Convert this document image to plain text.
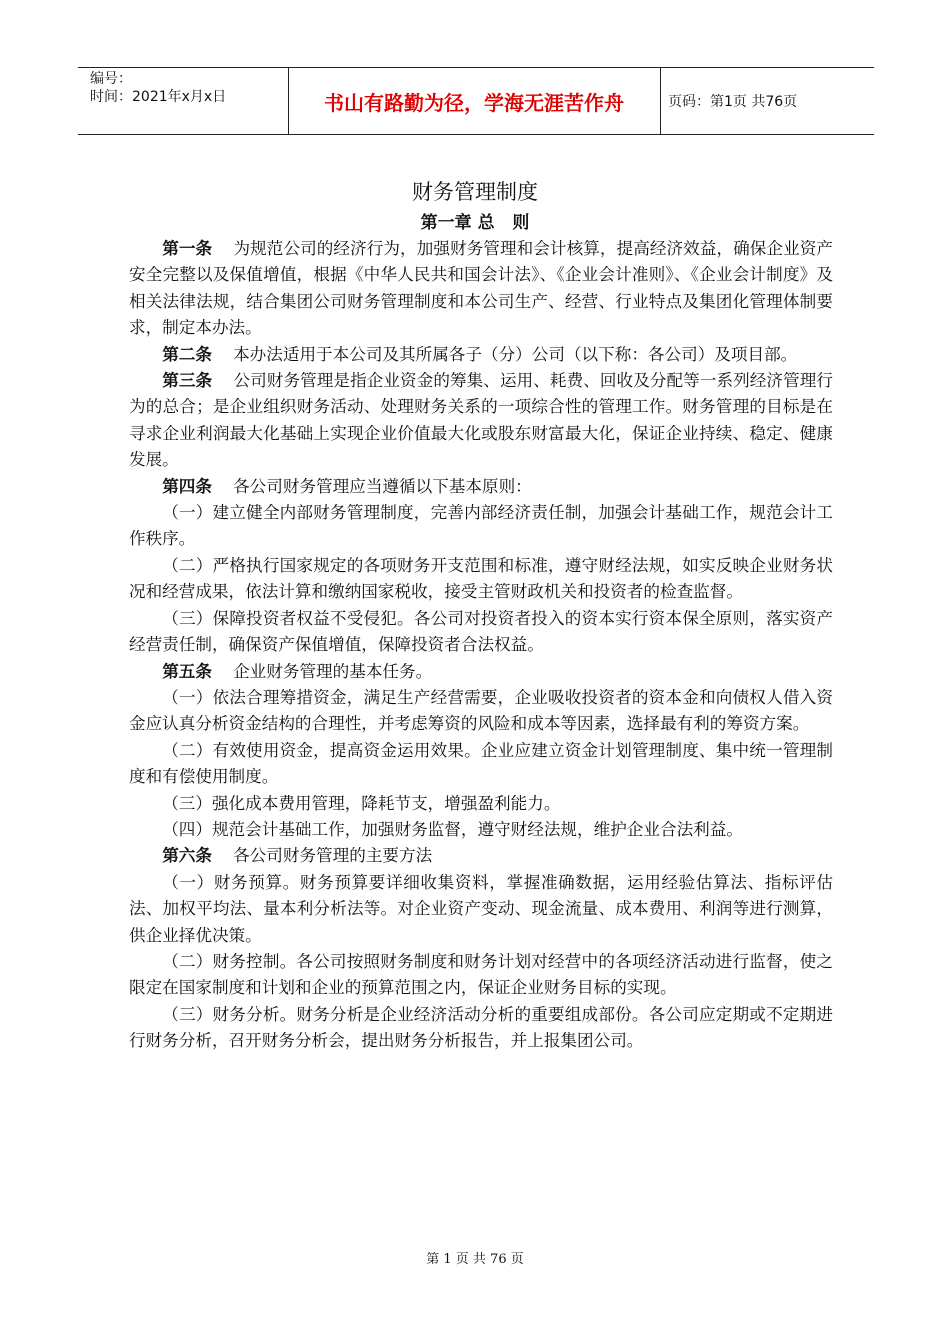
编号：
时间：2021年x月x日	书山有路勤为径，学海无涯苦作舟	页码：第1页 共76页
财务管理制度
第一章 总   则

第一条    为规范公司的经济行为，加强财务管理和会计核算，提高经济效益，确保企业资产安全完整以及保值增值，根据《中华人民共和国会计法》、《企业会计准则》、《企业会计制度》及相关法律法规，结合集团公司财务管理制度和本公司生产、经营、行业特点及集团化管理体制要求，制定本办法。

第二条    本办法适用于本公司及其所属各子（分）公司（以下称：各公司）及项目部。

第三条    公司财务管理是指企业资金的筹集、运用、耗费、回收及分配等一系列经济管理行为的总合；是企业组织财务活动、处理财务关系的一项综合性的管理工作。财务管理的目标是在寻求企业利润最大化基础上实现企业价值最大化或股东财富最大化，保证企业持续、稳定、健康发展。

第四条    各公司财务管理应当遵循以下基本原则：

（一）建立健全内部财务管理制度，完善内部经济责任制，加强会计基础工作，规范会计工作秩序。

（二）严格执行国家规定的各项财务开支范围和标准，遵守财经法规，如实反映企业财务状况和经营成果，依法计算和缴纳国家税收，接受主管财政机关和投资者的检查监督。

（三）保障投资者权益不受侵犯。各公司对投资者投入的资本实行资本保全原则，落实资产经营责任制，确保资产保值增值，保障投资者合法权益。

第五条    企业财务管理的基本任务。

（一）依法合理筹措资金，满足生产经营需要，企业吸收投资者的资本金和向债权人借入资金应认真分析资金结构的合理性，并考虑筹资的风险和成本等因素，选择最有利的筹资方案。

（二）有效使用资金，提高资金运用效果。企业应建立资金计划管理制度、集中统一管理制度和有偿使用制度。

（三）强化成本费用管理，降耗节支，增强盈利能力。

（四）规范会计基础工作，加强财务监督，遵守财经法规，维护企业合法利益。

第六条    各公司财务管理的主要方法

（一）财务预算。财务预算要详细收集资料，掌握准确数据，运用经验估算法、指标评估法、加权平均法、量本利分析法等。对企业资产变动、现金流量、成本费用、利润等进行测算，供企业择优决策。

（二）财务控制。各公司按照财务制度和财务计划对经营中的各项经济活动进行监督，使之限定在国家制度和计划和企业的预算范围之内，保证企业财务目标的实现。

（三）财务分析。财务分析是企业经济活动分析的重要组成部份。各公司应定期或不定期进行财务分析，召开财务分析会，提出财务分析报告，并上报集团公司。

第 1 页 共 76 页
